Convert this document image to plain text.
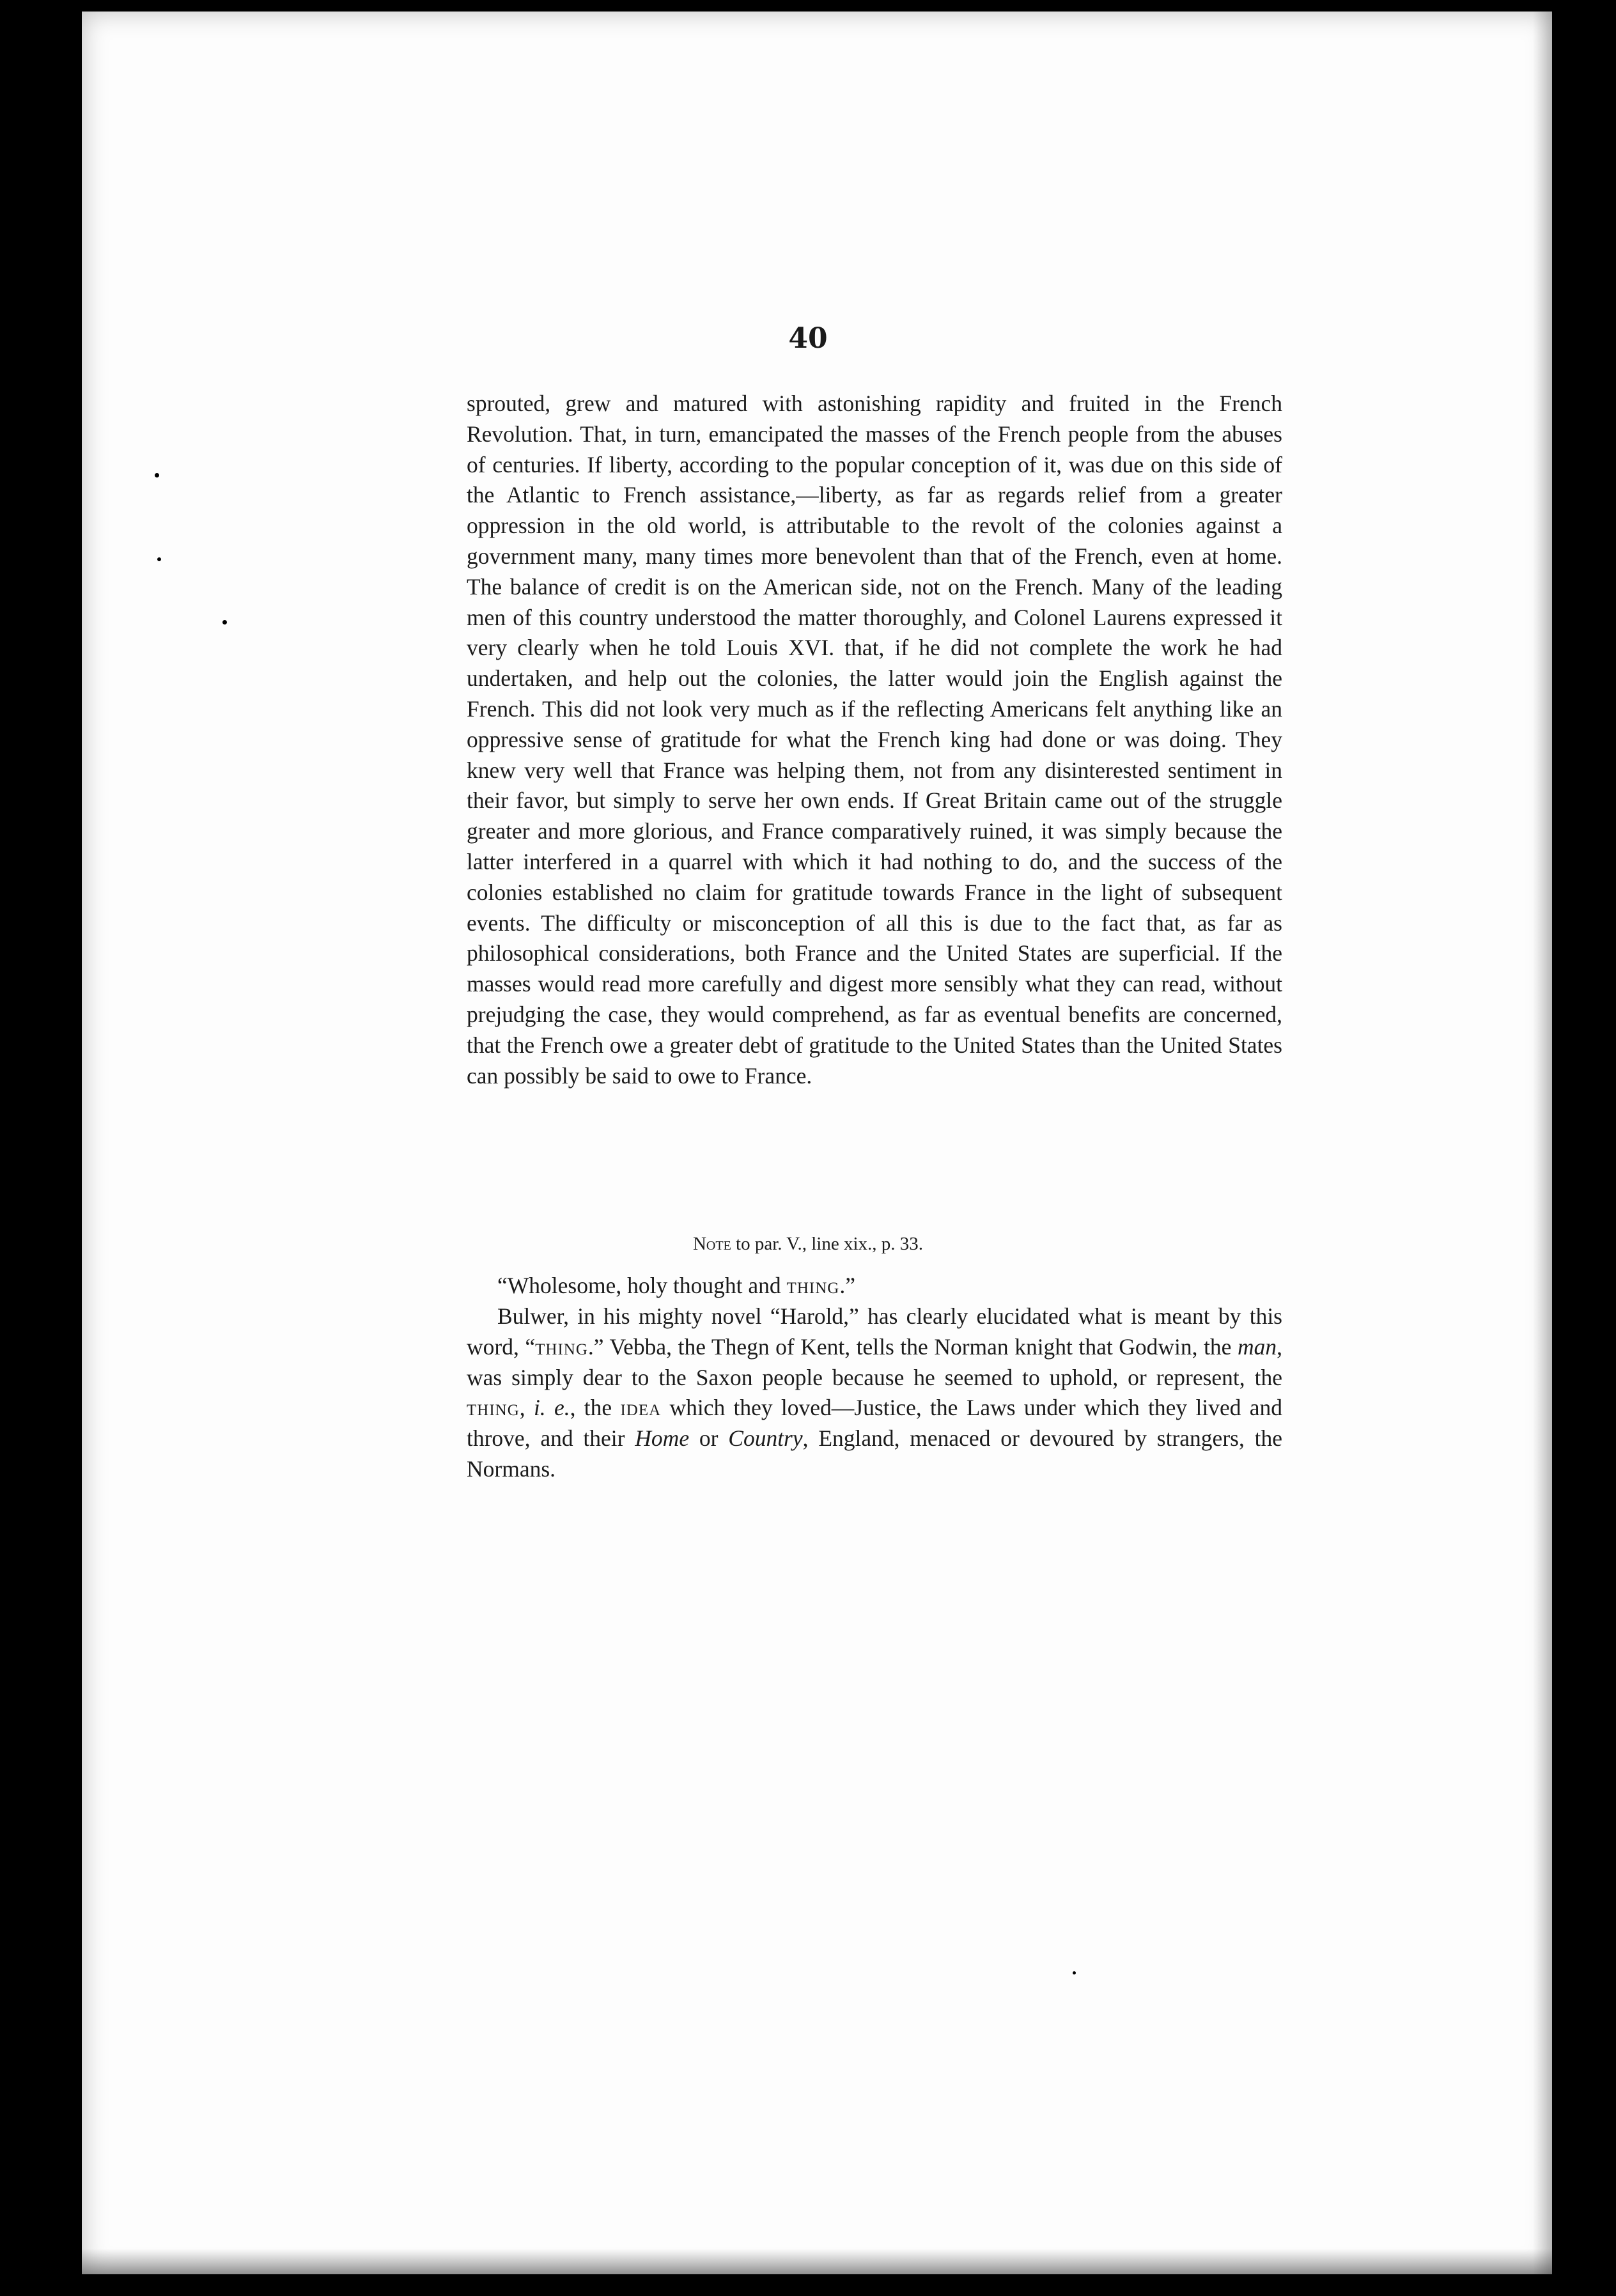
40

sprouted, grew and matured with astonishing rapidity and fruited in the French Revolution. That, in turn, emancipated the masses of the French people from the abuses of centuries. If liberty, according to the popular conception of it, was due on this side of the Atlantic to French assistance,—liberty, as far as regards relief from a greater oppression in the old world, is attributable to the revolt of the colonies against a government many, many times more benevolent than that of the French, even at home. The balance of credit is on the American side, not on the French. Many of the leading men of this country understood the matter thoroughly, and Colonel Laurens expressed it very clearly when he told Louis XVI. that, if he did not complete the work he had undertaken, and help out the colonies, the latter would join the English against the French. This did not look very much as if the reflecting Americans felt anything like an oppressive sense of gratitude for what the French king had done or was doing. They knew very well that France was helping them, not from any disinterested sentiment in their favor, but simply to serve her own ends. If Great Britain came out of the struggle greater and more glorious, and France comparatively ruined, it was simply because the latter interfered in a quarrel with which it had nothing to do, and the success of the colonies established no claim for gratitude towards France in the light of subsequent events. The difficulty or misconception of all this is due to the fact that, as far as philosophical considerations, both France and the United States are superficial. If the masses would read more carefully and digest more sensibly what they can read, without prejudging the case, they would comprehend, as far as eventual benefits are concerned, that the French owe a greater debt of gratitude to the United States than the United States can possibly be said to owe to France.

Note to par. V., line xix., p. 33.

“Wholesome, holy thought and thing.”

Bulwer, in his mighty novel “Harold,” has clearly elucidated what is meant by this word, “thing.” Vebba, the Thegn of Kent, tells the Norman knight that Godwin, the man, was simply dear to the Saxon people because he seemed to uphold, or represent, the thing, i. e., the idea which they loved—Justice, the Laws under which they lived and throve, and their Home or Country, England, menaced or devoured by strangers, the Normans.
